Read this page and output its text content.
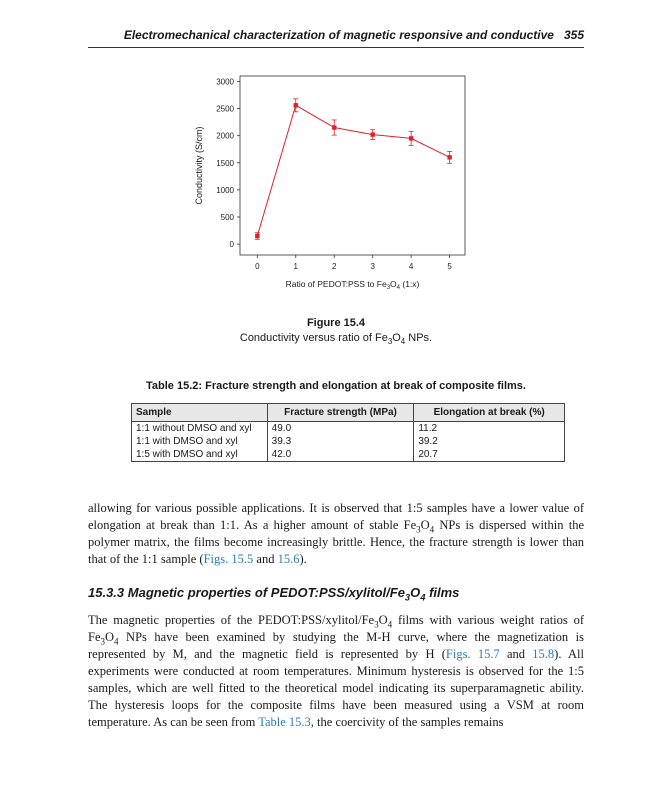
Electromechanical characterization of magnetic responsive and conductive 355
0
500
1000
1500
2000
2500
3000
0	1	2	3	4	5
Conductivity (S/cm)
Ratio of PEDOT:PSS to $Fe_3O_4$ (1:x)
Figure 15.4
Conductivity versus ratio of $Fe_3O_4$ NPs.
Table 15.2: Fracture strength and elongation at break of composite films.
Sample	Fracture strength (MPa)	Elongation at break (%)
1:1 without DMSO and xyl	49.0	11.2
1:1 with DMSO and xyl	39.3	39.2
1:5 with DMSO and xyl	42.0	20.7
allowing for various possible applications. It is observed that 1:5 samples have a lower value of elongation at break than 1:1. As a higher amount of stable $Fe_3O_4$ NPs is dispersed within the polymer matrix, the films become increasingly brittle. Hence, the fracture strength is lower than that of the 1:1 sample (Figs. 15.5 and 15.6).
15.3.3 Magnetic properties of $PEDOT:PSS/xylitol/Fe_3O_4$ films
The magnetic properties of the $PEDOT:PSS/xylitol/Fe_3O_4$ films with various weight ratios of $Fe_3O_4$ NPs have been examined by studying the M-H curve, where the magnetization is represented by M, and the magnetic field is represented by H (Figs. 15.7 and 15.8). All experiments were conducted at room temperatures. Minimum hysteresis is observed for the 1:5 samples, which are well fitted to the theoretical model indicating its superparamagnetic ability. The hysteresis loops for the composite films have been measured using a VSM at room temperature. As can be seen from Table 15.3, the coercivity of the samples remains
